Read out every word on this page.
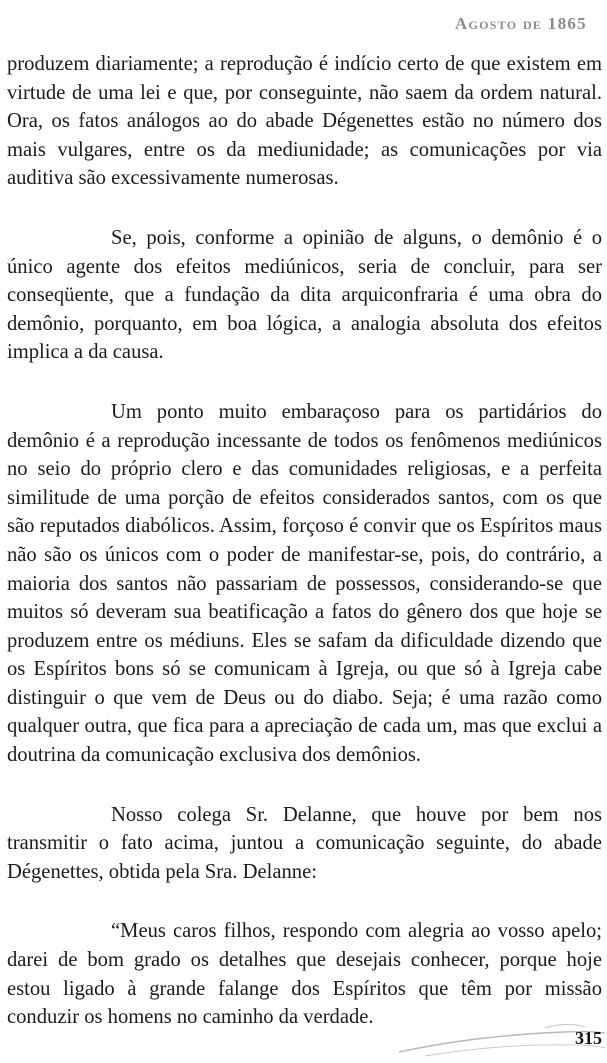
Agosto de 1865

produzem diariamente; a reprodução é indício certo de que existem em virtude de uma lei e que, por conseguinte, não saem da ordem natural. Ora, os fatos análogos ao do abade Dégenettes estão no número dos mais vulgares, entre os da mediunidade; as comunicações por via auditiva são excessivamente numerosas.

Se, pois, conforme a opinião de alguns, o demônio é o único agente dos efeitos mediúnicos, seria de concluir, para ser conseqüente, que a fundação da dita arquiconfraria é uma obra do demônio, porquanto, em boa lógica, a analogia absoluta dos efeitos implica a da causa.

Um ponto muito embaraçoso para os partidários do demônio é a reprodução incessante de todos os fenômenos mediúnicos no seio do próprio clero e das comunidades religiosas, e a perfeita similitude de uma porção de efeitos considerados santos, com os que são reputados diabólicos. Assim, forçoso é convir que os Espíritos maus não são os únicos com o poder de manifestar-se, pois, do contrário, a maioria dos santos não passariam de possessos, considerando-se que muitos só deveram sua beatificação a fatos do gênero dos que hoje se produzem entre os médiuns. Eles se safam da dificuldade dizendo que os Espíritos bons só se comunicam à Igreja, ou que só à Igreja cabe distinguir o que vem de Deus ou do diabo. Seja; é uma razão como qualquer outra, que fica para a apreciação de cada um, mas que exclui a doutrina da comunicação exclusiva dos demônios.

Nosso colega Sr. Delanne, que houve por bem nos transmitir o fato acima, juntou a comunicação seguinte, do abade Dégenettes, obtida pela Sra. Delanne:

“Meus caros filhos, respondo com alegria ao vosso apelo; darei de bom grado os detalhes que desejais conhecer, porque hoje estou ligado à grande falange dos Espíritos que têm por missão conduzir os homens no caminho da verdade.

315
